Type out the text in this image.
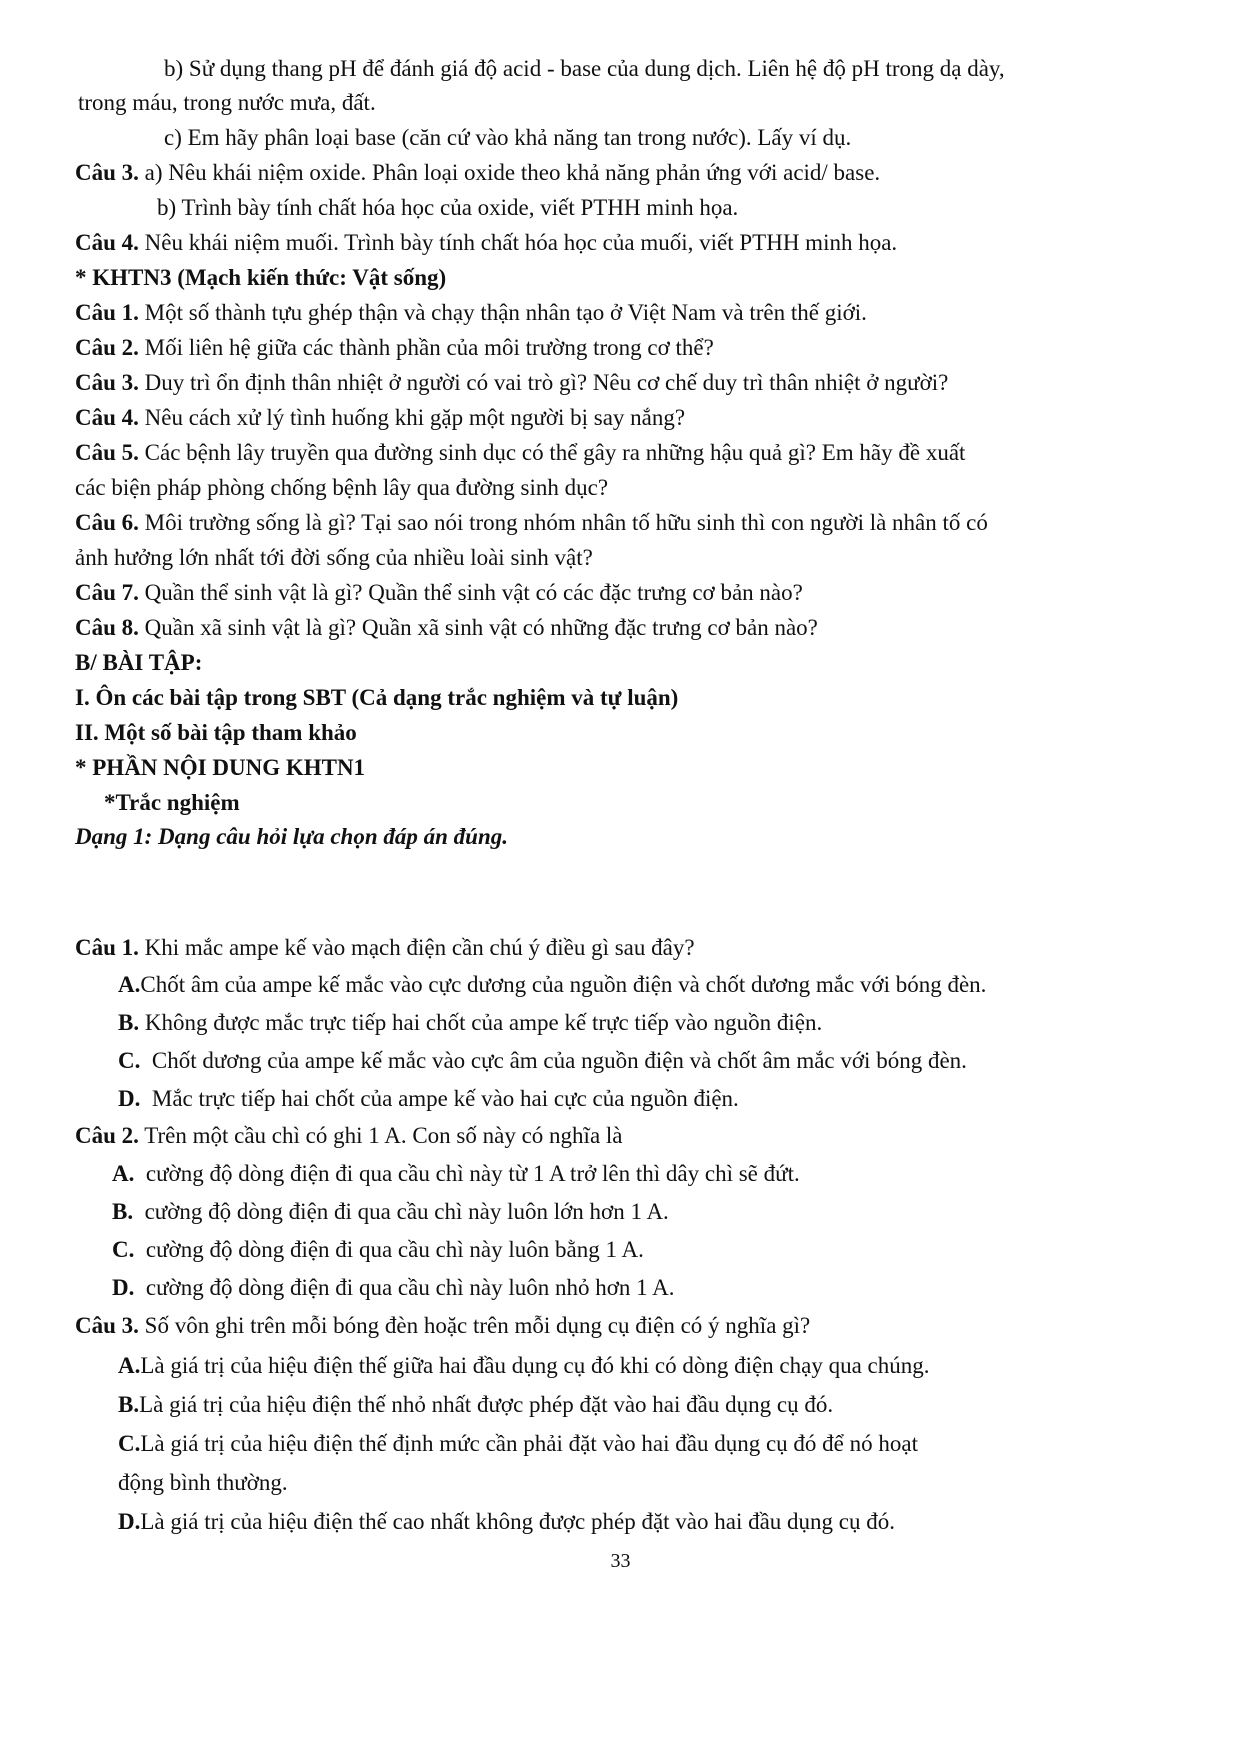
b) Sử dụng thang pH để đánh giá độ acid - base của dung dịch. Liên hệ độ pH trong dạ dày,
trong máu, trong nước mưa, đất.
c) Em hãy phân loại base (căn cứ vào khả năng tan trong nước). Lấy ví dụ.
Câu 3. a) Nêu khái niệm oxide. Phân loại oxide theo khả năng phản ứng với acid/ base.
b) Trình bày tính chất hóa học của oxide, viết PTHH minh họa.
Câu 4. Nêu khái niệm muối. Trình bày tính chất hóa học của muối, viết PTHH minh họa.
* KHTN3 (Mạch kiến thức: Vật sống)
Câu 1. Một số thành tựu ghép thận và chạy thận nhân tạo ở Việt Nam và trên thế giới.
Câu 2. Mối liên hệ giữa các thành phần của môi trường trong cơ thể?
Câu 3. Duy trì ổn định thân nhiệt ở người có vai trò gì? Nêu cơ chế duy trì thân nhiệt ở người?
Câu 4. Nêu cách xử lý tình huống khi gặp một người bị say nắng?
Câu 5. Các bệnh lây truyền qua đường sinh dục có thể gây ra những hậu quả gì? Em hãy đề xuất
các biện pháp phòng chống bệnh lây qua đường sinh dục?
Câu 6. Môi trường sống là gì? Tại sao nói trong nhóm nhân tố hữu sinh thì con người là nhân tố có
ảnh hưởng lớn nhất tới đời sống của nhiều loài sinh vật?
Câu 7. Quần thể sinh vật là gì? Quần thể sinh vật có các đặc trưng cơ bản nào?
Câu 8. Quần xã sinh vật là gì? Quần xã sinh vật có những đặc trưng cơ bản nào?
B/ BÀI TẬP:
I. Ôn các bài tập trong SBT (Cả dạng trắc nghiệm và tự luận)
II. Một số bài tập tham khảo
* PHẦN NỘI DUNG KHTN1
*Trắc nghiệm
Dạng 1: Dạng câu hỏi lựa chọn đáp án đúng.
Câu 1. Khi mắc ampe kế vào mạch điện cần chú ý điều gì sau đây?
A.Chốt âm của ampe kế mắc vào cực dương của nguồn điện và chốt dương mắc với bóng đèn.
B. Không được mắc trực tiếp hai chốt của ampe kế trực tiếp vào nguồn điện.
C. Chốt dương của ampe kế mắc vào cực âm của nguồn điện và chốt âm mắc với bóng đèn.
D. Mắc trực tiếp hai chốt của ampe kế vào hai cực của nguồn điện.
Câu 2. Trên một cầu chì có ghi 1 A. Con số này có nghĩa là
A. cường độ dòng điện đi qua cầu chì này từ 1 A trở lên thì dây chì sẽ đứt.
B. cường độ dòng điện đi qua cầu chì này luôn lớn hơn 1 A.
C. cường độ dòng điện đi qua cầu chì này luôn bằng 1 A.
D. cường độ dòng điện đi qua cầu chì này luôn nhỏ hơn 1 A.
Câu 3. Số vôn ghi trên mỗi bóng đèn hoặc trên mỗi dụng cụ điện có ý nghĩa gì?
A.Là giá trị của hiệu điện thế giữa hai đầu dụng cụ đó khi có dòng điện chạy qua chúng.
B.Là giá trị của hiệu điện thế nhỏ nhất được phép đặt vào hai đầu dụng cụ đó.
C.Là giá trị của hiệu điện thế định mức cần phải đặt vào hai đầu dụng cụ đó để nó hoạt
động bình thường.
D.Là giá trị của hiệu điện thế cao nhất không được phép đặt vào hai đầu dụng cụ đó.
33
